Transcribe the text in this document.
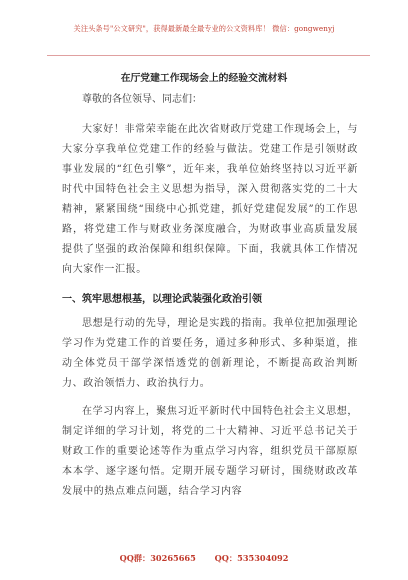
关注头条号"公文研究"，获得最新最全最专业的公文资料库！ 微信：gongwenyj
在厅党建工作现场会上的经验交流材料

尊敬的各位领导、同志们：

大家好！非常荣幸能在此次省财政厅党建工作现场会上，与大家分享我单位党建工作的经验与做法。党建工作是引领财政事业发展的“红色引擎”，近年来，我单位始终坚持以习近平新时代中国特色社会主义思想为指导，深入贯彻落实党的二十大精神，紧紧围绕“围绕中心抓党建，抓好党建促发展”的工作思路，将党建工作与财政业务深度融合，为财政事业高质量发展提供了坚强的政治保障和组织保障。下面，我就具体工作情况向大家作一汇报。

一、筑牢思想根基，以理论武装强化政治引领

思想是行动的先导，理论是实践的指南。我单位把加强理论学习作为党建工作的首要任务，通过多种形式、多种渠道，推动全体党员干部学深悟透党的创新理论，不断提高政治判断力、政治领悟力、政治执行力。

在学习内容上，聚焦习近平新时代中国特色社会主义思想，制定详细的学习计划，将党的二十大精神、习近平总书记关于财政工作的重要论述等作为重点学习内容，组织党员干部原原本本学、逐字逐句悟。定期开展专题学习研讨，围绕财政改革发展中的热点难点问题，结合学习内容

QQ群：30265665 QQ：535304092
